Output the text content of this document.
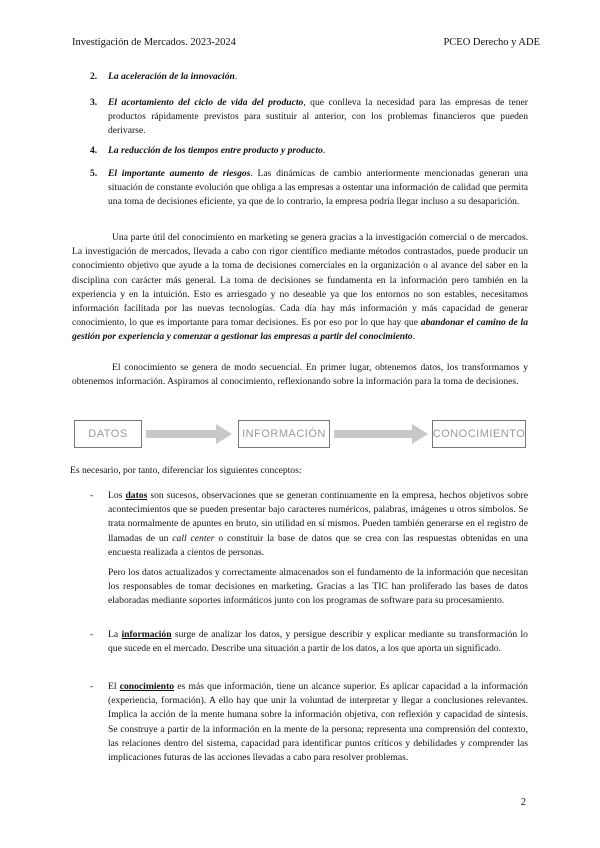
Investigación de Mercados. 2023-2024	PCEO Derecho y ADE
2. La aceleración de la innovación.
3. El acortamiento del ciclo de vida del producto, que conlleva la necesidad para las empresas de tener productos rápidamente previstos para sustituir al anterior, con los problemas financieros que pueden derivarse.
4. La reducción de los tiempos entre producto y producto.
5. El importante aumento de riesgos. Las dinámicas de cambio anteriormente mencionadas generan una situación de constante evolución que obliga a las empresas a ostentar una información de calidad que permita una toma de decisiones eficiente, ya que de lo contrario, la empresa podría llegar incluso a su desaparición.
Una parte útil del conocimiento en marketing se genera gracias a la investigación comercial o de mercados. La investigación de mercados, llevada a cabo con rigor científico mediante métodos contrastados, puede producir un conocimiento objetivo que ayude a la toma de decisiones comerciales en la organización o al avance del saber en la disciplina con carácter más general. La toma de decisiones se fundamenta en la información pero también en la experiencia y en la intuición. Esto es arriesgado y no deseable ya que los entornos no son estables, necesitamos información facilitada por las nuevas tecnologías. Cada día hay más información y más capacidad de generar conocimiento, lo que es importante para tomar decisiones. Es por eso por lo que hay que abandonar el camino de la gestión por experiencia y comenzar a gestionar las empresas a partir del conocimiento.
El conocimiento se genera de modo secuencial. En primer lugar, obtenemos datos, los transformamos y obtenemos información. Aspiramos al conocimiento, reflexionando sobre la información para la toma de decisiones.
DATOS	INFORMACIÓN	CONOCIMIENTO
Es necesario, por tanto, diferenciar los siguientes conceptos:
- Los datos son sucesos, observaciones que se generan continuamente en la empresa, hechos objetivos sobre acontecimientos que se pueden presentar bajo caracteres numéricos, palabras, imágenes u otros símbolos. Se trata normalmente de apuntes en bruto, sin utilidad en sí mismos. Pueden también generarse en el registro de llamadas de un call center o constituir la base de datos que se crea con las respuestas obtenidas en una encuesta realizada a cientos de personas.
Pero los datos actualizados y correctamente almacenados son el fundamento de la información que necesitan los responsables de tomar decisiones en marketing. Gracias a las TIC han proliferado las bases de datos elaboradas mediante soportes informáticos junto con los programas de software para su procesamiento.
- La información surge de analizar los datos, y persigue describir y explicar mediante su transformación lo que sucede en el mercado. Describe una situación a partir de los datos, a los que aporta un significado.
- El conocimiento es más que información, tiene un alcance superior. Es aplicar capacidad a la información (experiencia, formación). A ello hay que unir la voluntad de interpretar y llegar a conclusiones relevantes. Implica la acción de la mente humana sobre la información objetiva, con reflexión y capacidad de síntesis. Se construye a partir de la información en la mente de la persona; representa una comprensión del contexto, las relaciones dentro del sistema, capacidad para identificar puntos críticos y debilidades y comprender las implicaciones futuras de las acciones llevadas a cabo para resolver problemas.
2
